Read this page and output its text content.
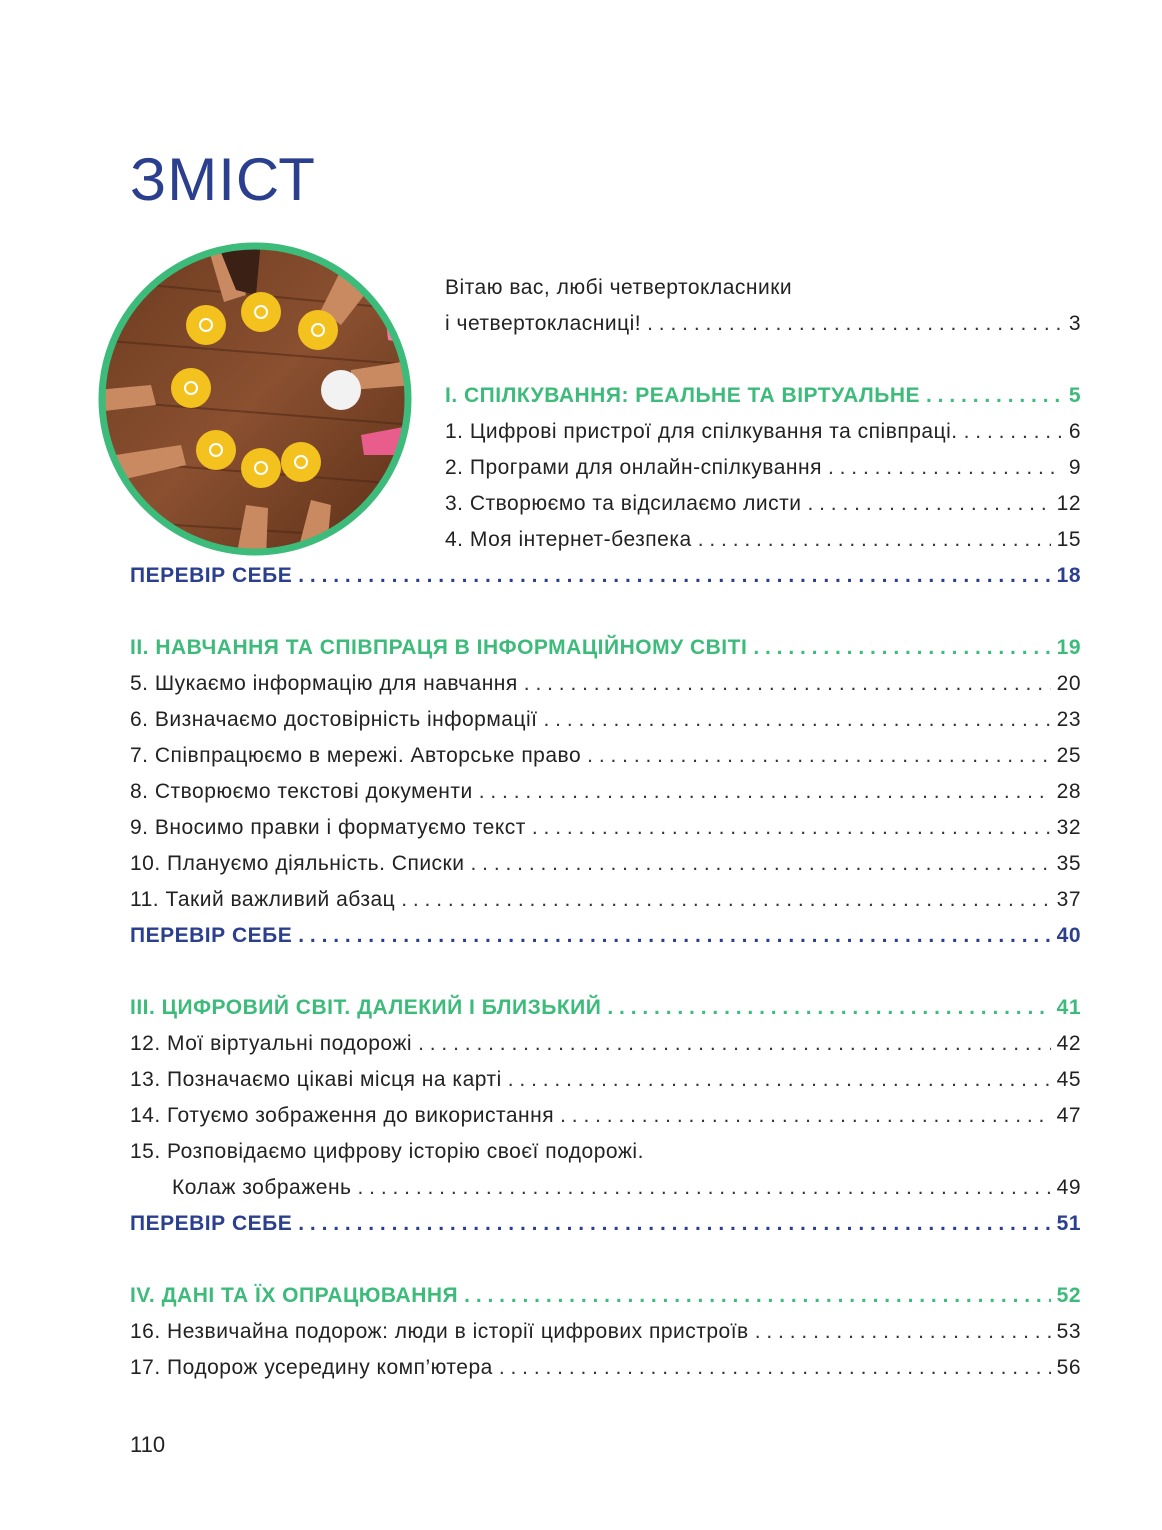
ЗМІСТ
Вітаю вас, любі четвертокласники
і четвертокласниці! . . .	3
I. СПІЛКУВАННЯ: РЕАЛЬНЕ ТА ВІРТУАЛЬНЕ . . .	5
1. Цифрові пристрої для спілкування та співпраці. . . .	6
2. Програми для онлайн-спілкування . . .	9
3. Створюємо та відсилаємо листи . . .	12
4. Моя інтернет-безпека . . .	15
ПЕРЕВІР СЕБЕ . . .	18
II. НАВЧАННЯ ТА СПІВПРАЦЯ В ІНФОРМАЦІЙНОМУ СВІТІ . . .	19
5. Шукаємо інформацію для навчання . . .	20
6. Визначаємо достовірність інформації . . .	23
7. Співпрацюємо в мережі. Авторське право . . .	25
8. Створюємо текстові документи . . .	28
9. Вносимо правки і форматуємо текст . . .	32
10. Плануємо діяльність. Списки . . .	35
11. Такий важливий абзац . . .	37
ПЕРЕВІР СЕБЕ . . .	40
III. ЦИФРОВИЙ СВІТ. ДАЛЕКИЙ І БЛИЗЬКИЙ . . .	41
12. Мої віртуальні подорожі . . .	42
13. Позначаємо цікаві місця на карті . . .	45
14. Готуємо зображення до використання . . .	47
15. Розповідаємо цифрову історію своєї подорожі.
Колаж зображень . . .	49
ПЕРЕВІР СЕБЕ . . .	51
IV. ДАНІ ТА ЇХ ОПРАЦЮВАННЯ . . .	52
16. Незвичайна подорож: люди в історії цифрових пристроїв . . .	53
17. Подорож усередину комп’ютера . . .	56
110
